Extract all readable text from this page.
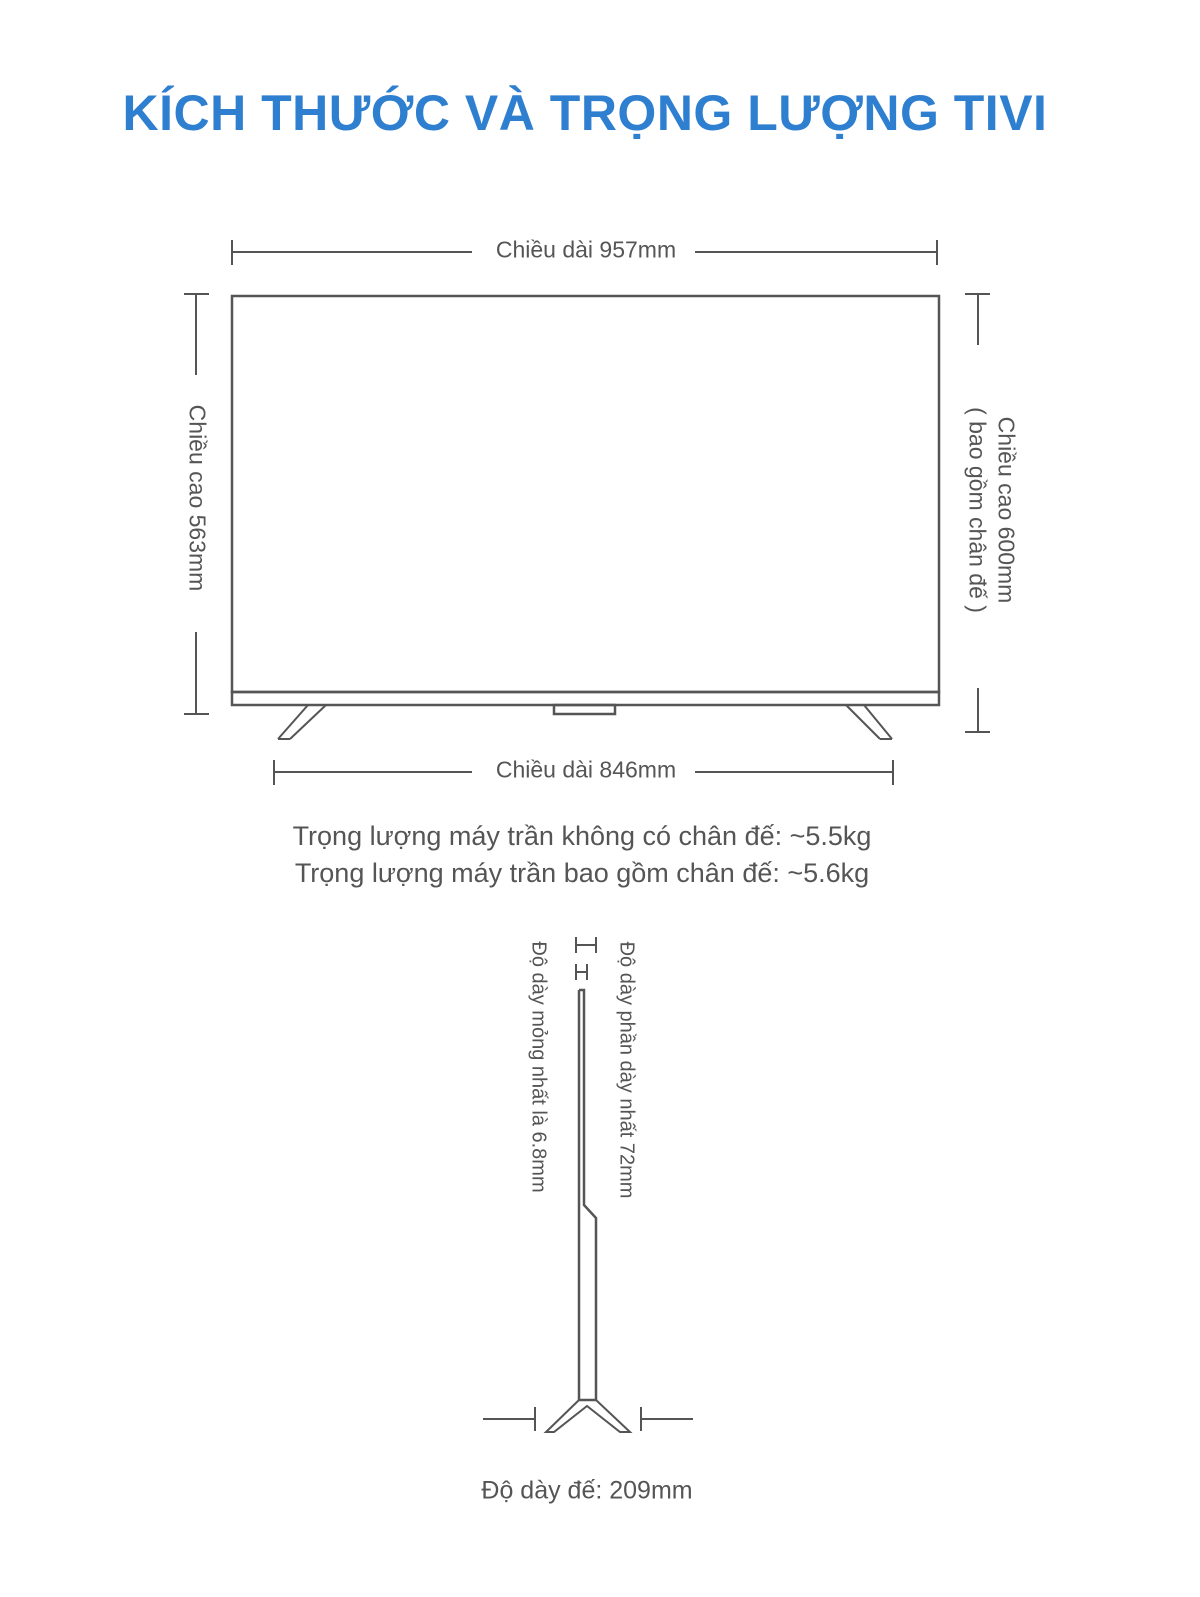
KÍCH THƯỚC VÀ TRỌNG LƯỢNG TIVI
Chiều dài 957mm
Chiều cao 563mm	Chiều cao 600mm
( bao gồm chân đế )
Chiều dài 846mm
Trọng lượng máy trần không có chân đế: ~5.5kg
Trọng lượng máy trần bao gồm chân đế: ~5.6kg
Độ dày mỏng nhất là 6.8mm	Độ dày phần dày nhất 72mm
Độ dày đế: 209mm
